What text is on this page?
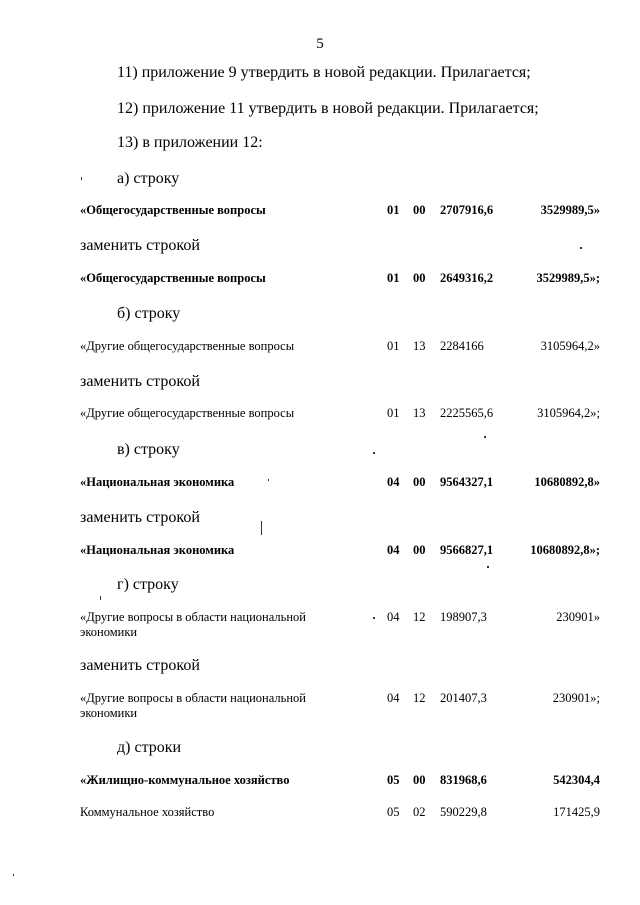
5
11) приложение 9 утвердить в новой редакции. Прилагается;
12) приложение 11 утвердить в новой редакции. Прилагается;
13) в приложении 12:
а) строку
«Общегосударственные вопросы	01 00 2707916,6	3529989,5»
заменить строкой
«Общегосударственные вопросы	01 00 2649316,2	3529989,5»;
б) строку
«Другие общегосударственные вопросы	01 13 2284166	3105964,2»
заменить строкой
«Другие общегосударственные вопросы	01 13 2225565,6	3105964,2»;
в) строку
«Национальная экономика	04 00 9564327,1	10680892,8»
заменить строкой
«Национальная экономика	04 00 9566827,1	10680892,8»;
г) строку
«Другие вопросы в области национальной экономики
04 12 198907,3	230901»
заменить строкой
«Другие вопросы в области национальной экономики
04 12 201407,3	230901»;
д) строки
«Жилищно-коммунальное хозяйство	05 00 831968,6	542304,4
Коммунальное хозяйство	05 02 590229,8	171425,9
